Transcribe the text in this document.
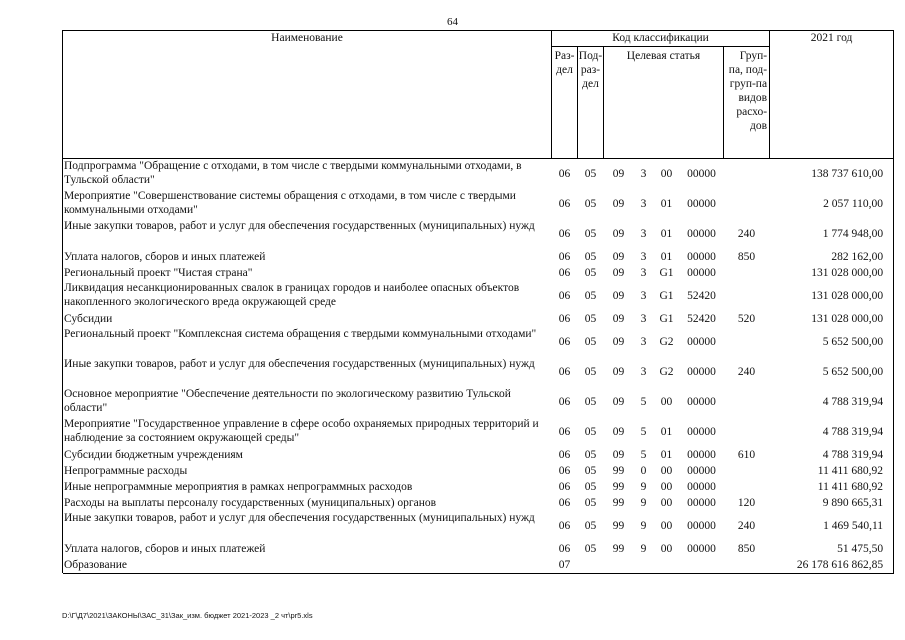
64
Наименование	Код классификации							2021 год

	Раз-дел	Под-раз-дел	Целевая статья				Груп-па, под-груп-па видов расхо-дов	

Подпрограмма "Обращение с отходами, в том числе с твердыми коммунальными отходами, в Тульской области"	06	05	09	3	00	00000		138 737 610,00
Мероприятие "Совершенствование системы обращения с отходами, в том числе с твердыми коммунальными отходами"	06	05	09	3	01	00000		2 057 110,00
Иные закупки товаров, работ и услуг для обеспечения государственных (муниципальных) нужд	06	05	09	3	01	00000	240	1 774 948,00
Уплата налогов, сборов и иных платежей	06	05	09	3	01	00000	850	282 162,00
Региональный проект "Чистая страна"	06	05	09	3	G1	00000		131 028 000,00
Ликвидация несанкционированных свалок в границах городов и наиболее опасных объектов накопленного экологического вреда окружающей среде	06	05	09	3	G1	52420		131 028 000,00
Субсидии	06	05	09	3	G1	52420	520	131 028 000,00
Региональный проект "Комплексная система обращения с твердыми коммунальными отходами"	06	05	09	3	G2	00000		5 652 500,00
Иные закупки товаров, работ и услуг для обеспечения государственных (муниципальных) нужд	06	05	09	3	G2	00000	240	5 652 500,00
Основное мероприятие "Обеспечение деятельности по экологическому развитию Тульской области"	06	05	09	5	00	00000		4 788 319,94
Мероприятие "Государственное управление в сфере особо охраняемых природных территорий и наблюдение за состоянием окружающей среды"	06	05	09	5	01	00000		4 788 319,94
Субсидии бюджетным учреждениям	06	05	09	5	01	00000	610	4 788 319,94
Непрограммные расходы	06	05	99	0	00	00000		11 411 680,92
Иные непрограммные мероприятия в рамках непрограммных расходов	06	05	99	9	00	00000		11 411 680,92
Расходы на выплаты персоналу государственных (муниципальных) органов	06	05	99	9	00	00000	120	9 890 665,31
Иные закупки товаров, работ и услуг для обеспечения государственных (муниципальных) нужд	06	05	99	9	00	00000	240	1 469 540,11
Уплата налогов, сборов и иных платежей	06	05	99	9	00	00000	850	51 475,50
Образование	07							26 178 616 862,85

D:\Г\Д7\2021\ЗАКОНЫ\ЗАС_31\Зак_изм. бюджет 2021-2023 _2 чт\pr5.xls
